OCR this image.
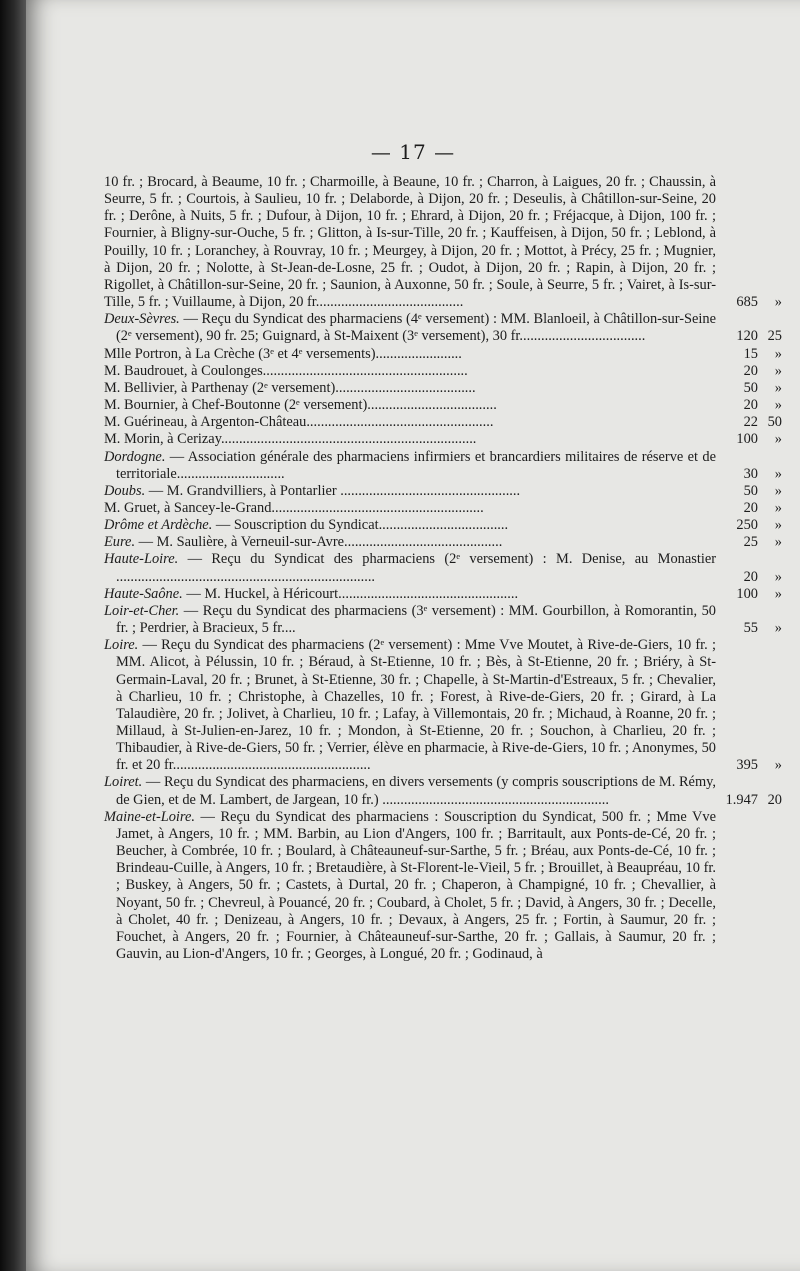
— 17 —
10 fr. ; Brocard, à Beaume, 10 fr. ; Charmoille, à Beaune, 10 fr. ; Charron, à Laigues, 20 fr. ; Chaussin, à Seurre, 5 fr. ; Courtois, à Saulieu, 10 fr. ; Delaborde, à Dijon, 20 fr. ; Deseulis, à Châtillon-sur-Seine, 20 fr. ; Derône, à Nuits, 5 fr. ; Dufour, à Dijon, 10 fr. ; Ehrard, à Dijon, 20 fr. ; Fréjacque, à Dijon, 100 fr. ; Fournier, à Bligny-sur-Ouche, 5 fr. ; Glitton, à Is-sur-Tille, 20 fr. ; Kauffeisen, à Dijon, 50 fr. ; Leblond, à Pouilly, 10 fr. ; Loranchey, à Rouvray, 10 fr. ; Meurgey, à Dijon, 20 fr. ; Mottot, à Précy, 25 fr. ; Mugnier, à Dijon, 20 fr. ; Nolotte, à St-Jean-de-Losne, 25 fr. ; Oudot, à Dijon, 20 fr. ; Rapin, à Dijon, 20 fr. ; Rigollet, à Châtillon-sur-Seine, 20 fr. ; Saunion, à Auxonne, 50 fr. ; Soule, à Seurre, 5 fr. ; Vairet, à Is-sur-Tille, 5 fr. ; Vuillaume, à Dijon, 20 fr.........................................	685 »
Deux-Sèvres. — Reçu du Syndicat des pharmaciens (4ᵉ versement) : MM. Blanloeil, à Châtillon-sur-Seine (2ᵉ versement), 90 fr. 25; Guignard, à St-Maixent (3ᵉ versement), 30 fr...................................	120 25
Mlle Portron, à La Crèche (3ᵉ et 4ᵉ versements)........................	15 »
M. Baudrouet, à Coulonges.........................................................	20 »
M. Bellivier, à Parthenay (2ᵉ versement).......................................	50 »
M. Bournier, à Chef-Boutonne (2ᵉ versement)....................................	20 »
M. Guérineau, à Argenton-Château....................................................	22 50
M. Morin, à Cerizay.......................................................................	100 »
Dordogne. — Association générale des pharmaciens infirmiers et brancardiers militaires de réserve et de territoriale..............................	30 »
Doubs. — M. Grandvilliers, à Pontarlier ..................................................	50 »
M. Gruet, à Sancey-le-Grand...........................................................	20 »
Drôme et Ardèche. — Souscription du Syndicat....................................	250 »
Eure. — M. Saulière, à Verneuil-sur-Avre............................................	25 »
Haute-Loire. — Reçu du Syndicat des pharmaciens (2ᵉ versement) : M. Denise, au Monastier ........................................................................	20 »
Haute-Saône. — M. Huckel, à Héricourt..................................................	100 »
Loir-et-Cher. — Reçu du Syndicat des pharmaciens (3ᵉ versement) : MM. Gourbillon, à Romorantin, 50 fr. ; Perdrier, à Bracieux, 5 fr....	55 »
Loire. — Reçu du Syndicat des pharmaciens (2ᵉ versement) : Mme Vve Moutet, à Rive-de-Giers, 10 fr. ; MM. Alicot, à Pélussin, 10 fr. ; Béraud, à St-Etienne, 10 fr. ; Bès, à St-Etienne, 20 fr. ; Briéry, à St-Germain-Laval, 20 fr. ; Brunet, à St-Etienne, 30 fr. ; Chapelle, à St-Martin-d'Estreaux, 5 fr. ; Chevalier, à Charlieu, 10 fr. ; Christophe, à Chazelles, 10 fr. ; Forest, à Rive-de-Giers, 20 fr. ; Girard, à La Talaudière, 20 fr. ; Jolivet, à Charlieu, 10 fr. ; Lafay, à Villemontais, 20 fr. ; Michaud, à Roanne, 20 fr. ; Millaud, à St-Julien-en-Jarez, 10 fr. ; Mondon, à St-Etienne, 20 fr. ; Souchon, à Charlieu, 20 fr. ; Thibaudier, à Rive-de-Giers, 50 fr. ; Verrier, élève en pharmacie, à Rive-de-Giers, 10 fr. ; Anonymes, 50 fr. et 20 fr.......................................................	395 »
Loiret. — Reçu du Syndicat des pharmaciens, en divers versements (y compris souscriptions de M. Rémy, de Gien, et de M. Lambert, de Jargean, 10 fr.) ...............................................................	1.947 20
Maine-et-Loire. — Reçu du Syndicat des pharmaciens : Souscription du Syndicat, 500 fr. ; Mme Vve Jamet, à Angers, 10 fr. ; MM. Barbin, au Lion d'Angers, 100 fr. ; Barritault, aux Ponts-de-Cé, 20 fr. ; Beucher, à Combrée, 10 fr. ; Boulard, à Châteauneuf-sur-Sarthe, 5 fr. ; Bréau, aux Ponts-de-Cé, 10 fr. ; Brindeau-Cuille, à Angers, 10 fr. ; Bretaudière, à St-Florent-le-Vieil, 5 fr. ; Brouillet, à Beaupréau, 10 fr. ; Buskey, à Angers, 50 fr. ; Castets, à Durtal, 20 fr. ; Chaperon, à Champigné, 10 fr. ; Chevallier, à Noyant, 50 fr. ; Chevreul, à Pouancé, 20 fr. ; Coubard, à Cholet, 5 fr. ; David, à Angers, 30 fr. ; Decelle, à Cholet, 40 fr. ; Denizeau, à Angers, 10 fr. ; Devaux, à Angers, 25 fr. ; Fortin, à Saumur, 20 fr. ; Fouchet, à Angers, 20 fr. ; Fournier, à Châteauneuf-sur-Sarthe, 20 fr. ; Gallais, à Saumur, 20 fr. ; Gauvin, au Lion-d'Angers, 10 fr. ; Georges, à Longué, 20 fr. ; Godinaud, à
